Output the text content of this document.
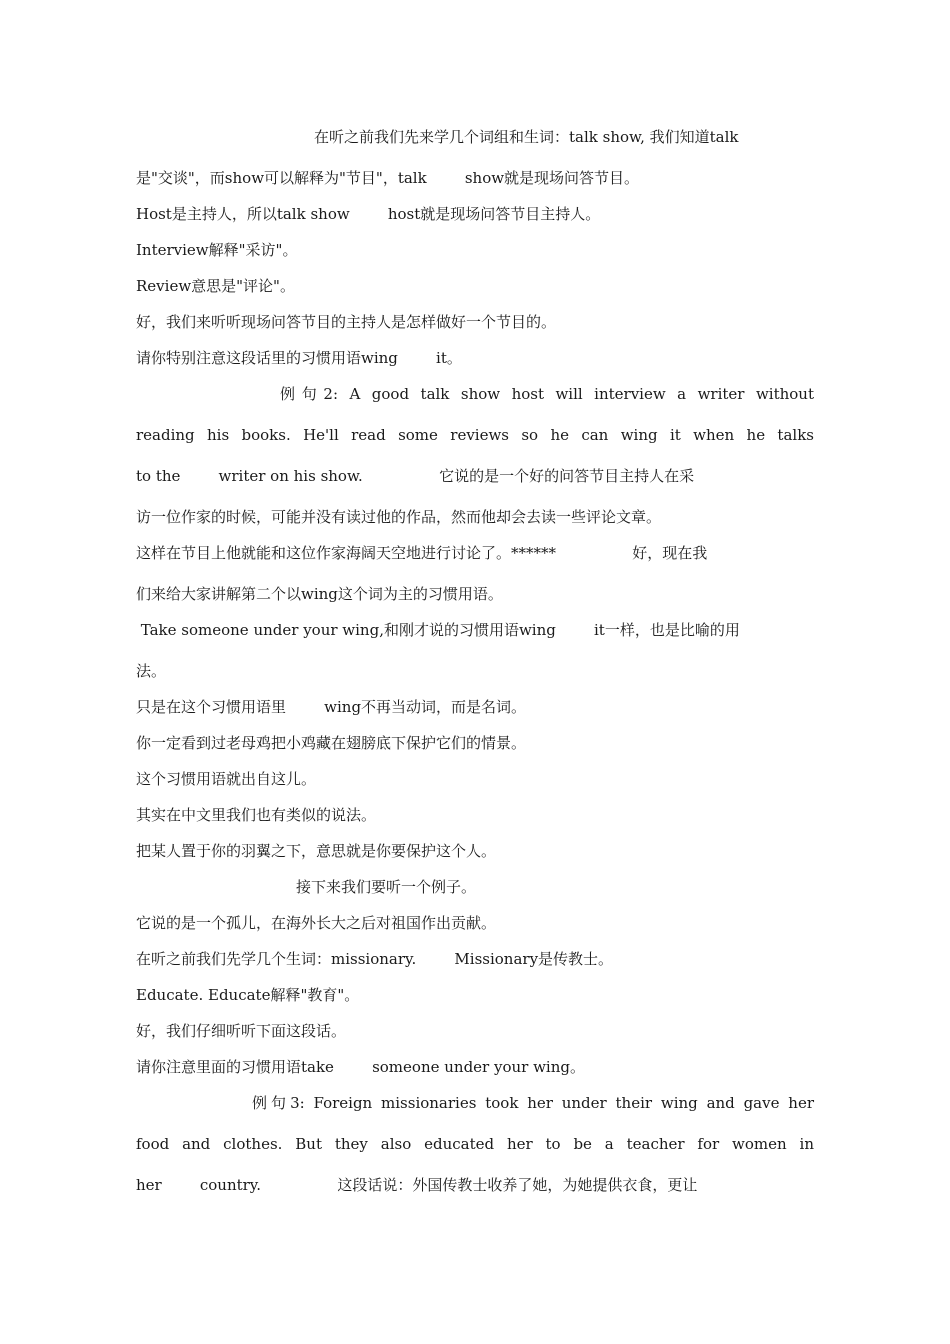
在听之前我们先来学几个词组和生词：talk show, 我们知道talk
是"交谈"，而show可以解释为"节目"，talk        show就是现场问答节目。
Host是主持人，所以talk show        host就是现场问答节目主持人。
Interview解释"采访"。
Review意思是"评论"。
好，我们来听听现场问答节目的主持人是怎样做好一个节目的。
请你特别注意这段话里的习惯用语wing        it。
例句2: A good talk show host will interview a writer without
reading his books. He'll read some reviews so he can wing it when he talks
to the        writer on his show.                它说的是一个好的问答节目主持人在采
访一位作家的时候，可能并没有读过他的作品，然而他却会去读一些评论文章。
这样在节目上他就能和这位作家海阔天空地进行讨论了。******                好，现在我
们来给大家讲解第二个以wing这个词为主的习惯用语。
Take someone under your wing,和刚才说的习惯用语wing        it一样，也是比喻的用
法。
只是在这个习惯用语里        wing不再当动词，而是名词。
你一定看到过老母鸡把小鸡藏在翅膀底下保护它们的情景。
这个习惯用语就出自这儿。
其实在中文里我们也有类似的说法。
把某人置于你的羽翼之下，意思就是你要保护这个人。
接下来我们要听一个例子。
它说的是一个孤儿，在海外长大之后对祖国作出贡献。
在听之前我们先学几个生词：missionary.        Missionary是传教士。
Educate. Educate解释"教育"。
好，我们仔细听听下面这段话。
请你注意里面的习惯用语take        someone under your wing。
例句3: Foreign missionaries took her under their wing and gave her
food and clothes. But they also educated her to be a teacher for women in
her        country.                这段话说：外国传教士收养了她，为她提供衣食，更让
